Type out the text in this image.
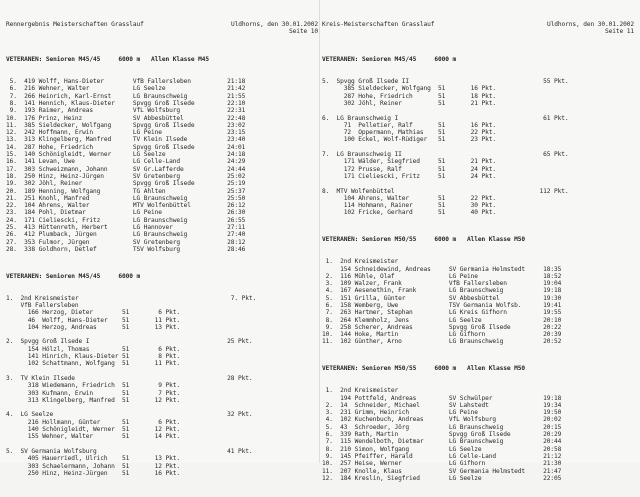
Rennergebnis Meisterschaften Grasslauf

	Uldhorns, den 30.01.2002

Seite 10

VETERANEN: Senioren M45/45     6000 m   Allen Klasse M45

5.  419 Wolff, Hans-Dieter        VfB Fallersleben          21:18
6.  216 Wehner, Walter            LG Seelze                 21:42
7.  266 Heinrich, Karl-Ernst      LG Braunschweig           21:55
8.  141 Hennich, Klaus-Dieter     Spvgg Groß Ilsede         22:10
9.  193 Raimer, Andreas           VfL Wolfsburg             22:31
10.  176 Prinz, Heinz              SV Abbesbüttel            22:48
11.  385 Sieldecker, Wolfgang      Spvgg Groß Ilsede         23:02
12.  242 Hoffmann, Erwin           LG Peine                  23:15
13.  313 Klingelberg, Manfred      TV Klein Ilsede           23:40
14.  287 Hohe, Friedrich           Spvgg Groß Ilsede         24:01
15.  140 Schönigleidt, Werner      LG Seelze                 24:18
16.  141 Levan, Uwe                LG Celle-Land             24:29
17.  303 Schweizmann, Johann       SV Gr.Lafferde            24:44
18.  250 Hinz, Heinz-Jürgen        SV Gretenberg             25:02
19.  302 Jöhl, Reiner              Spvgg Groß Ilsede         25:19
20.  189 Henning, Wolfgang         TG Ahlten                 25:37
21.  251 Knohl, Manfred            LG Braunschweig           25:50
22.  104 Ahrens, Walter            MTV Wolfenbüttel          26:12
23.  184 Pohl, Dietmar             LG Peine                  26:30
24.  171 Cieliescki, Fritz         LG Braunschweig           26:55
25.  413 Hüttenreth, Herbert       LG Hannover               27:11
26.  412 Plumback, Jürgen          LG Braunschweig           27:40
27.  353 Fulmor, Jürgen            SV Gretenberg             28:12
28.  338 Goldhorn, Detlef          TSV Wolfsburg             28:46

VETERANEN: Senioren M45/45     6000 m

1.  2nd Kreismeister                                          7. Pkt.
VfB Fallersleben
166 Herzog, Dieter        51        6 Pkt.
46  Wolff, Hans-Dieter    51       11 Pkt.
104 Herzog, Andreas       51       13 Pkt.

2.  Spvgg Groß Ilsede I                                      25 Pkt.
154 Hölzl, Thomas         51        6 Pkt.
141 Hinrich, Klaus-Dieter 51        8 Pkt.
102 Schattmann, Wolfgang  51       11 Pkt.

3.  TV Klein Ilsede                                          28 Pkt.
318 Wiedemann, Friedrich  51        9 Pkt.
303 Kufmann, Erwin        51        7 Pkt.
313 Klingelberg, Manfred  51       12 Pkt.

4.  LG Seelze                                                32 Pkt.
216 Hollmann, Günter      51        6 Pkt.
140 Schönigleidt, Werner  51       12 Pkt.
155 Wehner, Walter        51       14 Pkt.

5.  SV Germania Wolfsburg                                    41 Pkt.
405 Hauerriedl, Ulrich    51       13 Pkt.
303 Schaelermann, Johann  51       12 Pkt.
250 Hinz, Heinz-Jürgen    51       16 Pkt.

Kreis-Meisterschaften Grasslauf

	Uldhorns, den 30.01.2002

Seite 11

VETERANEN: Senioren M45/45     6000 m

5.  Spvgg Groß Ilsede II                                     55 Pkt.
385 Sieldecker, Wolfgang  51       16 Pkt.
287 Hohe, Friedrich       51       18 Pkt.
302 Jöhl, Reiner          51       21 Pkt.

6.  LG Braunschweig I                                        61 Pkt.
71  Pelletier, Ralf       51       16 Pkt.
72  Oppermann, Mathias    51       22 Pkt.
100 Eckel, Wolf-Rüdiger   51       23 Pkt.

7.  LG Braunschweig II                                       65 Pkt.
171 Wälder, Siegfried     51       21 Pkt.
172 Prusse, Ralf          51       24 Pkt.
171 Cieliescki, Fritz     51       24 Pkt.

8.  MTV Wolfenbüttel                                        112 Pkt.
104 Ahrens, Walter        51       22 Pkt.
114 Hohmann, Rainer       51       30 Pkt.
102 Fricke, Gerhard       51       40 Pkt.

VETERANEN: Senioren M50/55     6000 m   Allen Klasse M50

1.  2nd Kreismeister
154 Schneidewind, Andreas     SV Germania Helmstedt     18:35
2.  116 Mühle, Olaf               LG Peine                  18:52
3.  109 Walzer, Frank             VfB Fallersleben          19:04
4.  167 Aesenethin, Frank         LG Braunschweig           19:18
5.  151 Grilla, Günter            SV Abbesbüttel            19:30
6.  158 Wemberg, Uwe              TSV Germania Wolfsb.      19:41
7.  263 Hartmer, Stephan          LG Kreis Gifhorn          19:55
8.  264 Klemmholz, Jens           LG Seelze                 20:10
9.  258 Scherer, Andreas          Spvgg Groß Ilsede         20:22
10.  144 Hoke, Martin              LG Gifhorn                20:39
11.  102 Günther, Arno             LG Braunschweig           20:52

VETERANEN: Senioren M50/55     6000 m   Allen Klasse M50

1.  2nd Kreismeister
194 Pottfeld, Andreas         SV Schwülper              19:18
2.  14  Schneider, Michael        SV Lahstedt               19:34
3.  231 Grimm, Heinrich           LG Peine                  19:50
4.  102 Kuchenbuch, Andreas       VfL Wolfsburg             20:02
5.  43  Schroeder, Jörg           LG Braunschweig           20:15
6.  339 Rath, Martin              Spvgg Groß Ilsede         20:29
7.  115 Wendelboth, Dietmar       LG Braunschweig           20:44
8.  210 Simon, Wolfgang           LG Seelze                 20:58
9.  145 Pfeiffer, Harald          LG Celle-Land             21:12
10.  257 Heise, Werner             LG Gifhorn                21:30
11.  207 Knolle, Klaus             SV Germania Helmstedt     21:47
12.  184 Kreslin, Siegfried        LG Seelze                 22:05
